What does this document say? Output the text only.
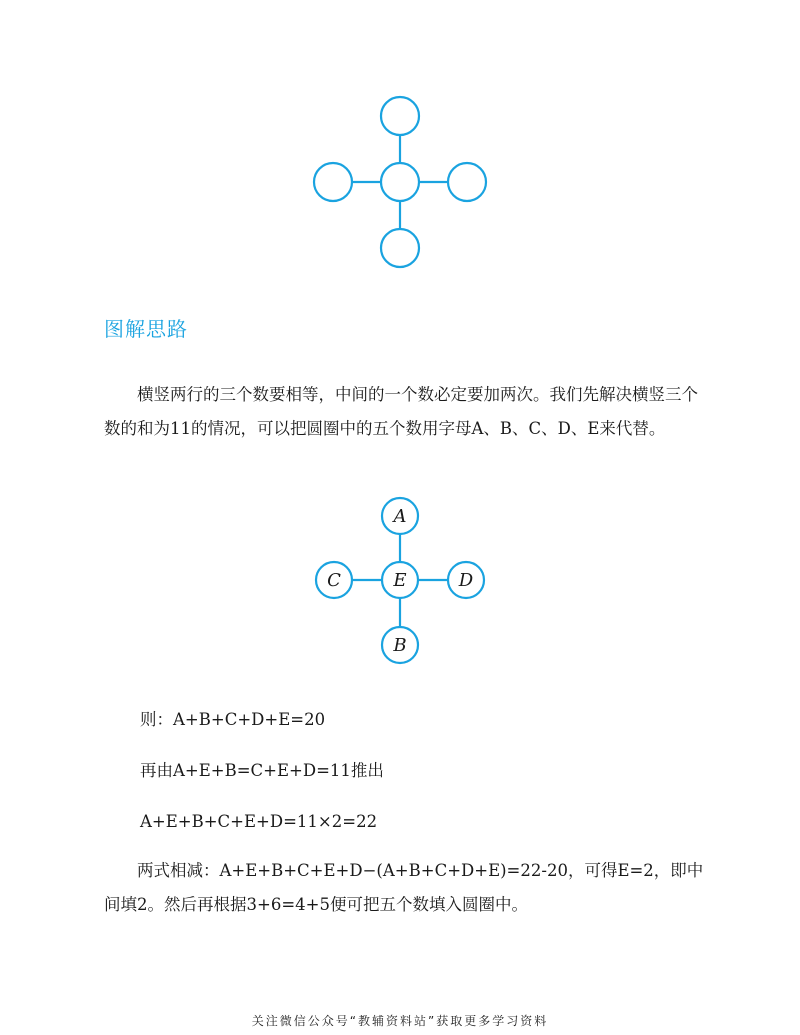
图解思路

横竖两行的三个数要相等，中间的一个数必定要加两次。我们先解决横竖三个数的和为11的情况，可以把圆圈中的五个数用字母A、B、C、D、E来代替。

A
C	E	D
B

则：A+B+C+D+E=20

再由A+E+B=C+E+D=11推出

A+E+B+C+E+D=11×2=22

两式相减：A+E+B+C+E+D−(A+B+C+D+E)=22-20，可得E=2，即中间填2。然后再根据3+6=4+5便可把五个数填入圆圈中。

关注微信公众号“教辅资料站”获取更多学习资料
